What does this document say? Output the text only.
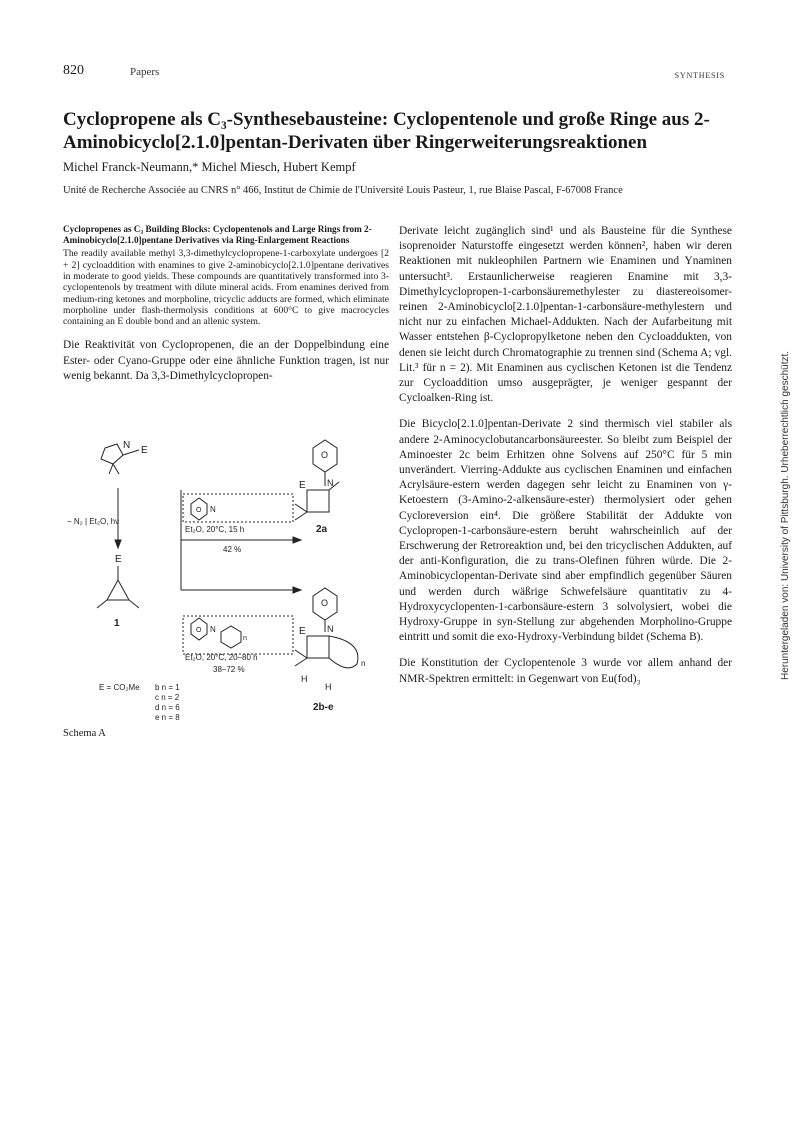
820	Papers	SYNTHESIS
Cyclopropene als C₃-Synthesebausteine: Cyclopentenole und große Ringe aus 2-Aminobicyclo[2.1.0]pentan-Derivaten über Ringerweiterungsreaktionen
Michel Franck-Neumann,* Michel Miesch, Hubert Kempf
Unité de Recherche Associée au CNRS n° 466, Institut de Chimie de l'Université Louis Pasteur, 1, rue Blaise Pascal, F-67008 France

Cyclopropenes as C₃ Building Blocks: Cyclopentenols and Large Rings from 2-Aminobicyclo[2.1.0]pentane Derivatives via Ring-Enlargement Reactions

The readily available methyl 3,3-dimethylcyclopropene-1-carboxylate undergoes [2 + 2] cycloaddition with enamines to give 2-aminobicyclo[2.1.0]pentane derivatives in moderate to good yields. These compounds are quantitatively transformed into 3-cyclopentenols by treatment with dilute mineral acids. From enamines derived from medium-ring ketones and morpholine, tricyclic adducts are formed, which eliminate morpholine under flash-thermolysis conditions at 600°C to give macrocycles containing an E double bond and an allenic system.

Die Reaktivität von Cyclopropenen, die an der Doppelbindung eine Ester- oder Cyano-Gruppe oder eine ähnliche Funktion tragen, ist nur wenig bekannt. Da 3,3-Dimethylcyclopropen-

Derivate leicht zugänglich sind¹ und als Bausteine für die Synthese isoprenoider Naturstoffe eingesetzt werden können², haben wir deren Reaktionen mit nukleophilen Partnern wie Enaminen und Ynaminen untersucht³. Erstaunlicherweise reagieren Enamine mit 3,3-Dimethylcyclopropen-1-carbonsäuremethylester zu diastereoisomer-reinen 2-Aminobicyclo[2.1.0]pentan-1-carbonsäure-methylestern und nicht nur zu einfachen Michael-Addukten. Nach der Aufarbeitung mit Wasser entstehen β-Cyclopropylketone neben den Cycloaddukten, von denen sie leicht durch Chromatographie zu trennen sind (Schema A; vgl. Lit.³ für n = 2). Mit Enaminen aus cyclischen Ketonen ist die Tendenz zur Cycloaddition umso ausgeprägter, je weniger gespannt der Cycloalken-Ring ist.

Die Bicyclo[2.1.0]pentan-Derivate 2 sind thermisch viel stabiler als andere 2-Aminocyclobutancarbonsäureester. So bleibt zum Beispiel der Aminoester 2c beim Erhitzen ohne Solvens auf 250°C für 5 min unverändert. Vierring-Addukte aus cyclischen Enaminen und einfachen Acrylsäure-estern werden dagegen sehr leicht zu Enaminen von γ-Ketoestern (3-Amino-2-alkensäure-ester) thermolysiert oder gehen Cycloreversion ein⁴. Die größere Stabilität der Addukte von Cyclopropen-1-carbonsäure-estern beruht wahrscheinlich auf der Erschwerung der Retroreaktion und, bei den tricyclischen Addukten, auf der anti-Konfiguration, die zu trans-Olefinen führen würde. Die 2-Aminobicyclopentan-Derivate sind aber empfindlich gegenüber Säuren und werden durch wäßrige Schwefelsäure quantitativ zu 4-Hydroxycyclopenten-1-carbonsäure-estern 3 solvolysiert, wobei die Hydroxy-Gruppe in syn-Stellung zur abgehenden Morpholino-Gruppe eintritt und somit die exo-Hydroxy-Verbindung bildet (Schema B).

Die Konstitution der Cyclopentenole 3 wurde vor allem anhand der NMR-Spektren ermittelt: in Gegenwart von Eu(fod)₃

N E
− N₂ | Et₂O, hν
E
1
N
O
Et₂O, 20°C, 15 h
42 %
N
O
n
Et₂O, 20°C, 20–80 h
38–72 %
O
N
E
2a
O
N
E
H
H
n
2b-e
E = CO₂Me b n = 1
c n = 2
d n = 6
e n = 8
Schema A
Heruntergeladen von: University of Pittsburgh. Urheberrechtlich geschützt.
